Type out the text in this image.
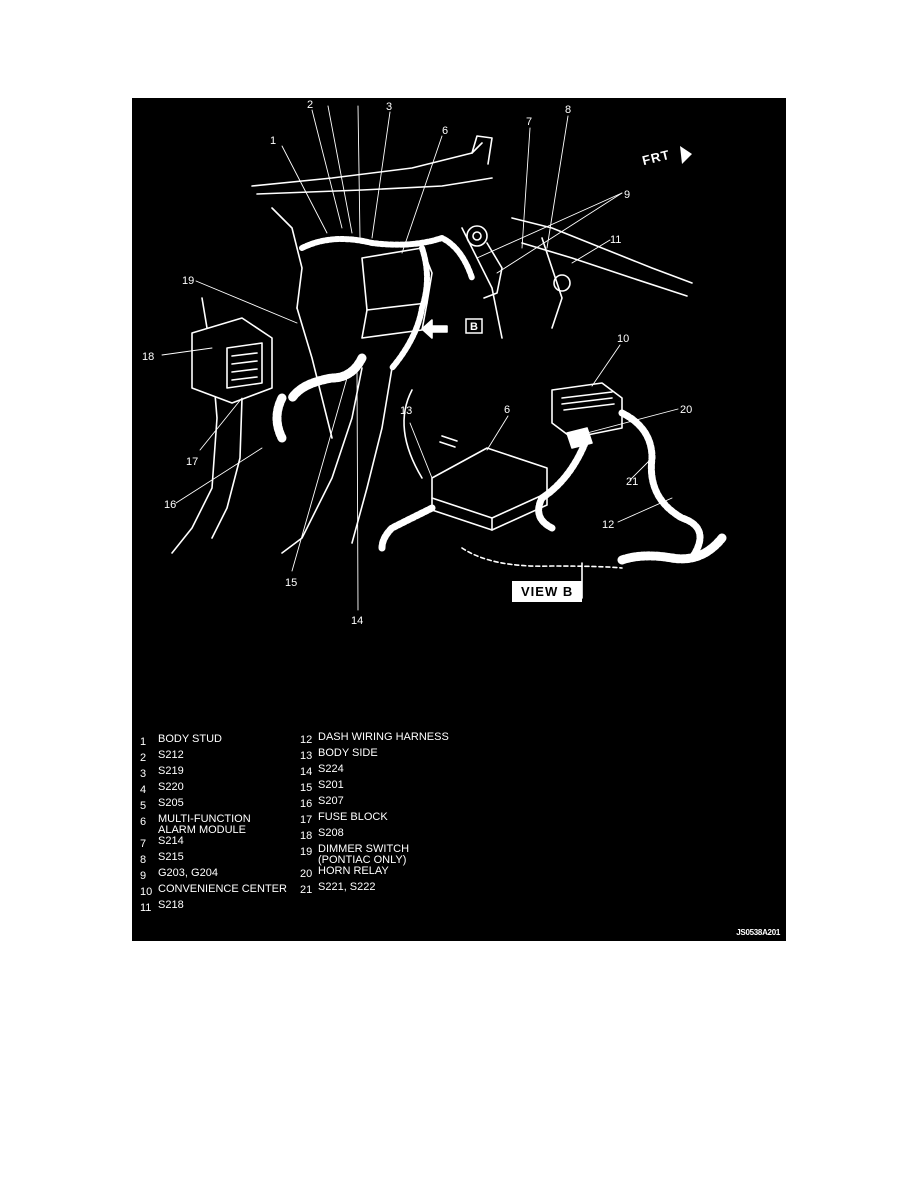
1
2	3
6
7
8
9
11
19
18
17
16
15
14
13	6
10
20
21
12
B
FRT
VIEW B
1 BODY STUD
2 S212
3 S219
4 S220
5 S205
6 MULTI-FUNCTION
ALARM MODULE
7 S214
8 S215
9 G203, G204
10 CONVENIENCE CENTER
11 S218
12 DASH WIRING HARNESS
13 BODY SIDE
14 S224
15 S201
16 S207
17 FUSE BLOCK
18 S208
19 DIMMER SWITCH
(PONTIAC ONLY)
20 HORN RELAY
21 S221, S222
JS0538A201
